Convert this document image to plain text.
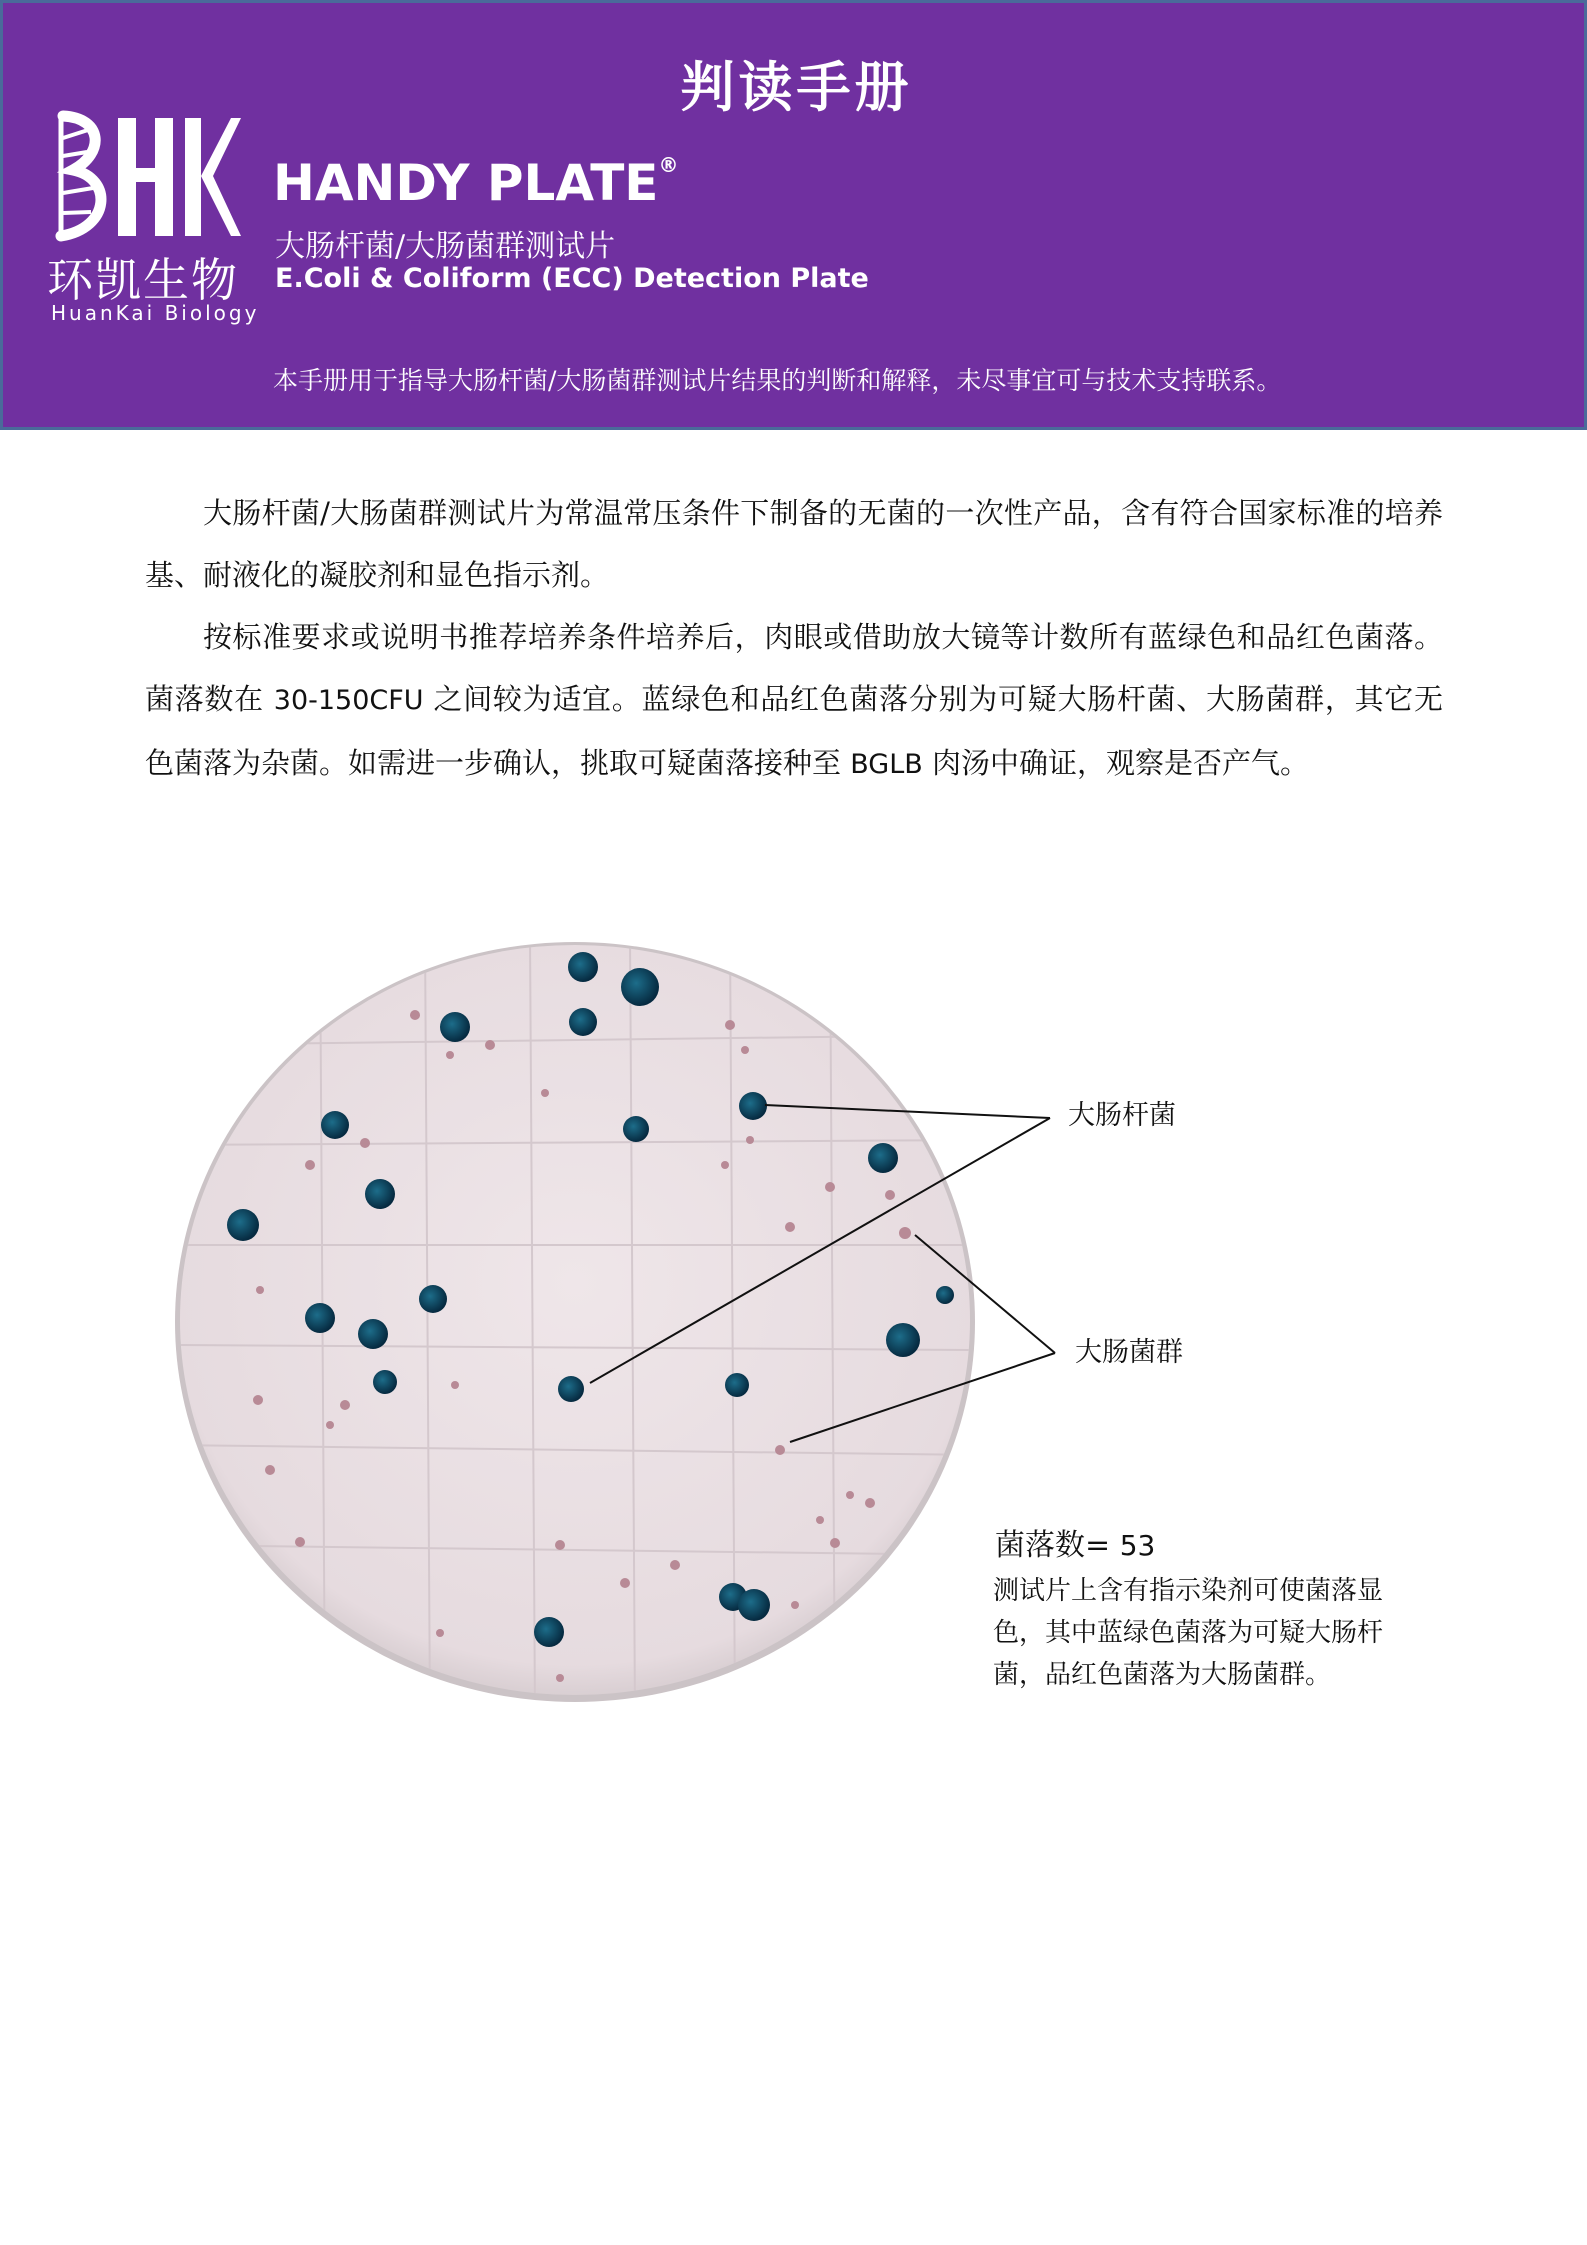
判读手册
环凯生物
HuanKai Biology
HANDY PLATE®
大肠杆菌/大肠菌群测试片
E.Coli & Coliform (ECC) Detection Plate
本手册用于指导大肠杆菌/大肠菌群测试片结果的判断和解释，未尽事宜可与技术支持联系。

大肠杆菌/大肠菌群测试片为常温常压条件下制备的无菌的一次性产品，含有符合国家标准的培养基、耐液化的凝胶剂和显色指示剂。

按标准要求或说明书推荐培养条件培养后，肉眼或借助放大镜等计数所有蓝绿色和品红色菌落。菌落数在 30-150CFU 之间较为适宜。蓝绿色和品红色菌落分别为可疑大肠杆菌、大肠菌群，其它无色菌落为杂菌。如需进一步确认，挑取可疑菌落接种至 BGLB 肉汤中确证，观察是否产气。

大肠杆菌
大肠菌群
菌落数= 53
测试片上含有指示染剂可使菌落显色，其中蓝绿色菌落为可疑大肠杆菌，品红色菌落为大肠菌群。
